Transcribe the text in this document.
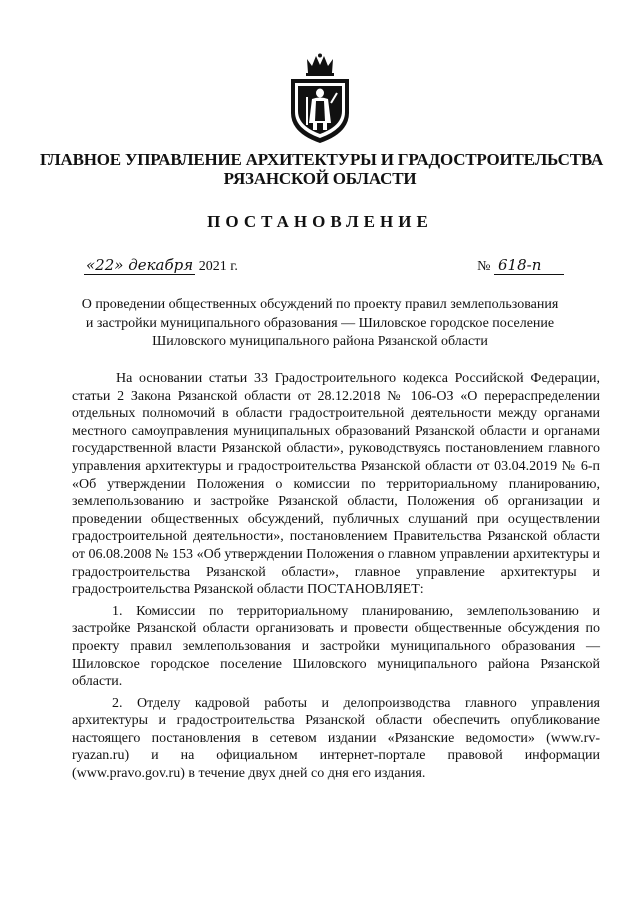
ГЛАВНОЕ УПРАВЛЕНИЕ АРХИТЕКТУРЫ И ГРАДОСТРОИТЕЛЬСТВА
РЯЗАНСКОЙ ОБЛАСТИ
ПОСТАНОВЛЕНИЕ
«22» декабря 2021 г.	№ 618-п
О проведении общественных обсуждений по проекту правил землепользования
и застройки муниципального образования — Шиловское городское поселение
Шиловского муниципального района Рязанской области

На основании статьи 33 Градостроительного кодекса Российской Федерации, статьи 2 Закона Рязанской области от 28.12.2018 № 106-ОЗ «О перераспределении отдельных полномочий в области градостроительной деятельности между органами местного самоуправления муниципальных образований Рязанской области и органами государственной власти Рязанской области», руководствуясь постановлением главного управления архитектуры и градостроительства Рязанской области от 03.04.2019 № 6-п «Об утверждении Положения о комиссии по территориальному планированию, землепользованию и застройке Рязанской области, Положения об организации и проведении общественных обсуждений, публичных слушаний при осуществлении градостроительной деятельности», постановлением Правительства Рязанской области от 06.08.2008 № 153 «Об утверждении Положения о главном управлении архитектуры и градостроительства Рязанской области», главное управление архитектуры и градостроительства Рязанской области ПОСТАНОВЛЯЕТ:

1. Комиссии по территориальному планированию, землепользованию и застройке Рязанской области организовать и провести общественные обсуждения по проекту правил землепользования и застройки муниципального образования — Шиловское городское поселение Шиловского муниципального района Рязанской области.

2. Отделу кадровой работы и делопроизводства главного управления архитектуры и градостроительства Рязанской области обеспечить опубликование настоящего постановления в сетевом издании «Рязанские ведомости» (www.rv-ryazan.ru) и на официальном интернет-портале правовой информации (www.pravo.gov.ru) в течение двух дней со дня его издания.
